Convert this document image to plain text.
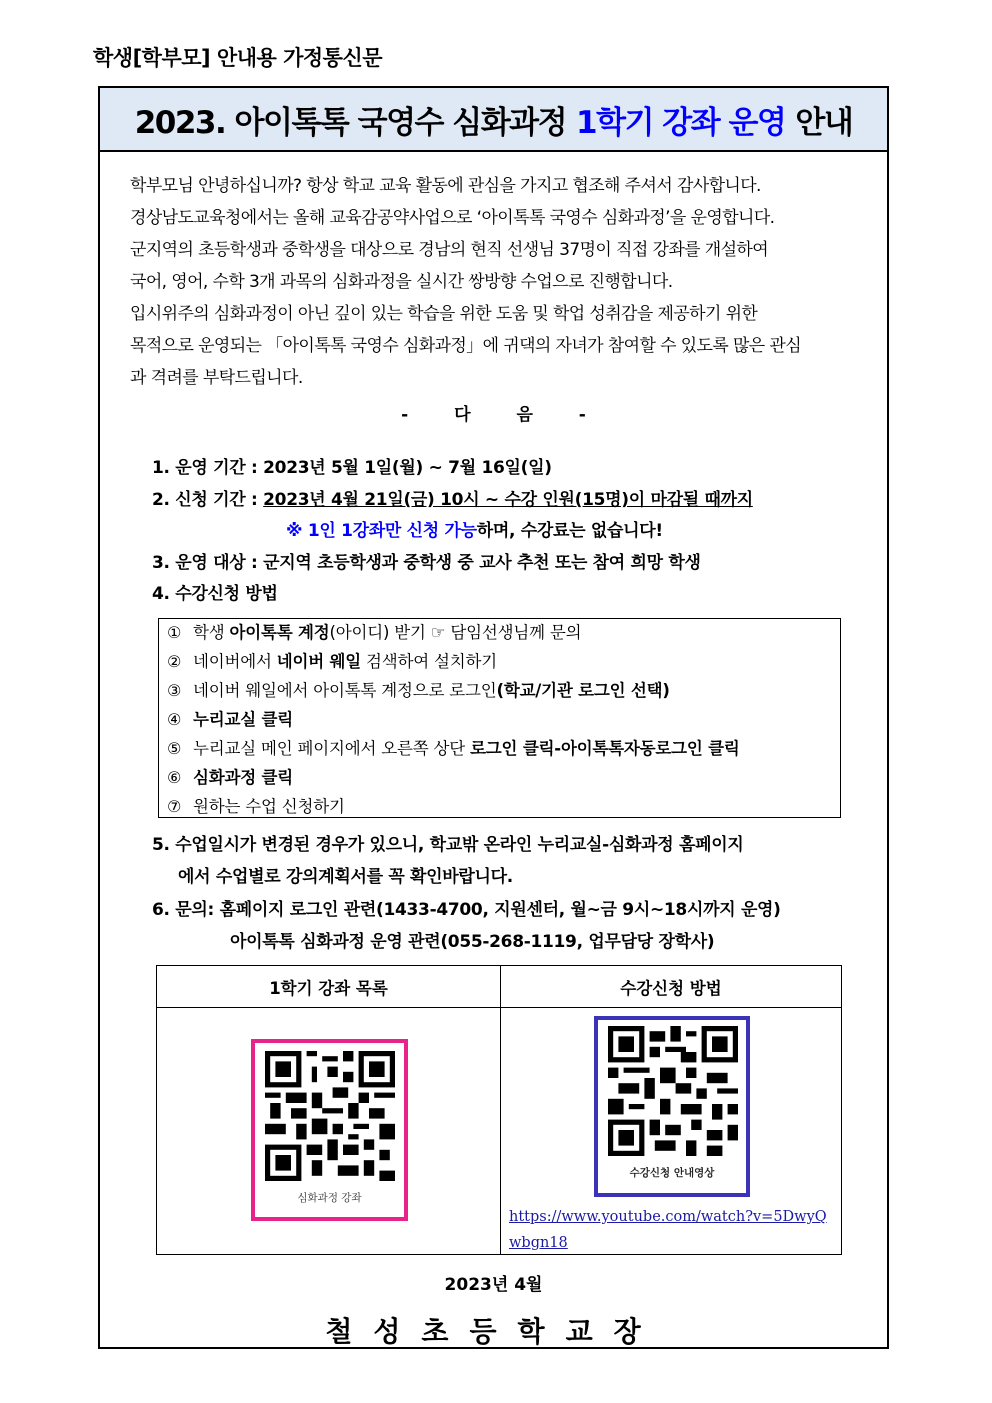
학생[학부모] 안내용 가정통신문
2023. 아이톡톡 국영수 심화과정 1학기 강좌 운영 안내

학부모님 안녕하십니까? 항상 학교 교육 활동에 관심을 가지고 협조해 주셔서 감사합니다.

경상남도교육청에서는 올해 교육감공약사업으로 ‘아이톡톡 국영수 심화과정’을 운영합니다.

군지역의 초등학생과 중학생을 대상으로 경남의 현직 선생님 37명이 직접 강좌를 개설하여

국어, 영어, 수학 3개 과목의 심화과정을 실시간 쌍방향 수업으로 진행합니다.

입시위주의 심화과정이 아닌 깊이 있는 학습을 위한 도움 및 학업 성취감을 제공하기 위한

목적으로 운영되는 「아이톡톡 국영수 심화과정」에 귀댁의 자녀가 참여할 수 있도록 많은 관심

과 격려를 부탁드립니다.

- 다 음 -
1. 운영 기간 : 2023년 5월 1일(월) ~ 7월 16일(일)
2. 신청 기간 : 2023년 4월 21일(금) 10시 ~ 수강 인원(15명)이 마감될 때까지
※ 1인 1강좌만 신청 가능하며, 수강료는 없습니다!
3. 운영 대상 : 군지역 초등학생과 중학생 중 교사 추천 또는 참여 희망 학생
4. 수강신청 방법
① 학생 아이톡톡 계정(아이디) 받기 ☞ 담임선생님께 문의
② 네이버에서 네이버 웨일 검색하여 설치하기
③ 네이버 웨일에서 아이톡톡 계정으로 로그인(학교/기관 로그인 선택)
④ 누리교실 클릭
⑤ 누리교실 메인 페이지에서 오른쪽 상단 로그인 클릭-아이톡톡자동로그인 클릭
⑥ 심화과정 클릭
⑦ 원하는 수업 신청하기
5. 수업일시가 변경된 경우가 있으니, 학교밖 온라인 누리교실-심화과정 홈페이지
에서 수업별로 강의계획서를 꼭 확인바랍니다.
6. 문의: 홈페이지 로그인 관련(1433-4700, 지원센터, 월~금 9시~18시까지 운영)
아이톡톡 심화과정 운영 관련(055-268-1119, 업무담당 장학사)
1학기 강좌 목록	수강신청 방법
심화과정 강좌
수강신청 안내영상
https://www.youtube.com/watch?v=5DwyQwbgn18
2023년 4월
철성초등학교장
